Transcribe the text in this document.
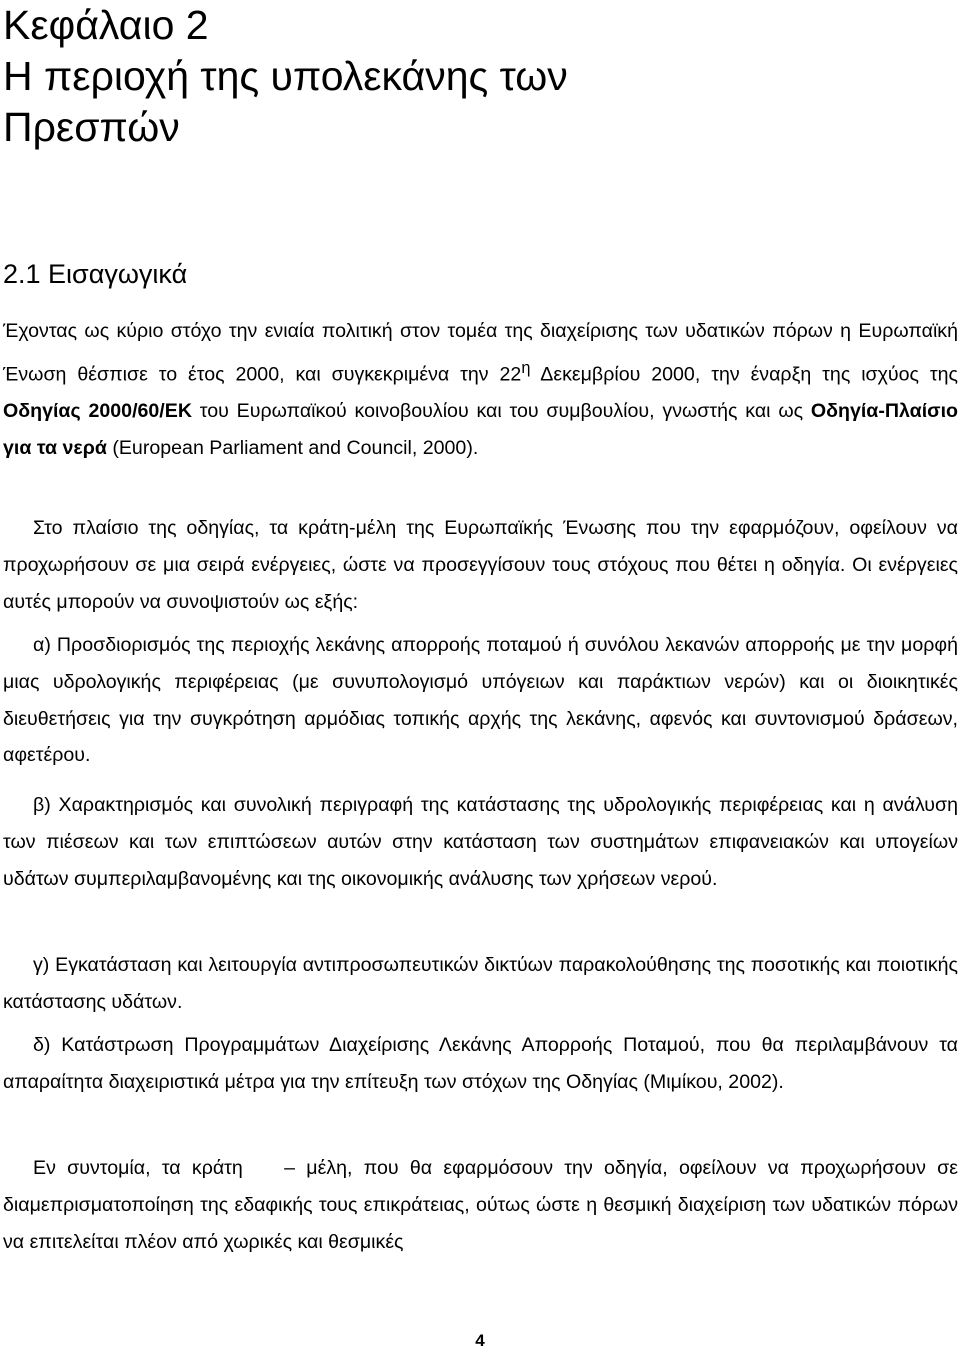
Κεφάλαιο 2
Η περιοχή της υπολεκάνης των
Πρεσπών
2.1 Εισαγωγικά

Έχοντας ως κύριο στόχο την ενιαία πολιτική στον τομέα της διαχείρισης των υδατικών πόρων η Ευρωπαϊκή Ένωση θέσπισε το έτος 2000, και συγκεκριμένα την $22^\eta$ Δεκεμβρίου 2000, την έναρξη της ισχύος της Οδηγίας 2000/60/ΕΚ του Ευρωπαϊκού κοινοβουλίου και του συμβουλίου, γνωστής και ως Οδηγία-Πλαίσιο για τα νερά (European Parliament and Council, 2000).

Στο πλαίσιο της οδηγίας, τα κράτη-μέλη της Ευρωπαϊκής Ένωσης που την εφαρμόζουν, οφείλουν να προχωρήσουν σε μια σειρά ενέργειες, ώστε να προσεγγίσουν τους στόχους που θέτει η οδηγία. Οι ενέργειες αυτές μπορούν να συνοψιστούν ως εξής:

α) Προσδιορισμός της περιοχής λεκάνης απορροής ποταμού ή συνόλου λεκανών απορροής με την μορφή μιας υδρολογικής περιφέρειας (με συνυπολογισμό υπόγειων και παράκτιων νερών) και οι διοικητικές διευθετήσεις για την συγκρότηση αρμόδιας τοπικής αρχής της λεκάνης, αφενός και συντονισμού δράσεων, αφετέρου.

β) Χαρακτηρισμός και συνολική περιγραφή της κατάστασης της υδρολογικής περιφέρειας και η ανάλυση των πιέσεων και των επιπτώσεων αυτών στην κατάσταση των συστημάτων επιφανειακών και υπογείων υδάτων συμπεριλαμβανομένης και της οικονομικής ανάλυσης των χρήσεων νερού.

γ) Εγκατάσταση και λειτουργία αντιπροσωπευτικών δικτύων παρακολούθησης της ποσοτικής και ποιοτικής κατάστασης υδάτων.

δ) Κατάστρωση Προγραμμάτων Διαχείρισης Λεκάνης Απορροής Ποταμού, που θα περιλαμβάνουν τα απαραίτητα διαχειριστικά μέτρα για την επίτευξη των στόχων της Οδηγίας (Μιμίκου, 2002).

Εν συντομία, τα κράτη – μέλη, που θα εφαρμόσουν την οδηγία, οφείλουν να προχωρήσουν σε διαμεπρισματοποίηση της εδαφικής τους επικράτειας, ούτως ώστε η θεσμική διαχείριση των υδατικών πόρων να επιτελείται πλέον από χωρικές και θεσμικές

4
